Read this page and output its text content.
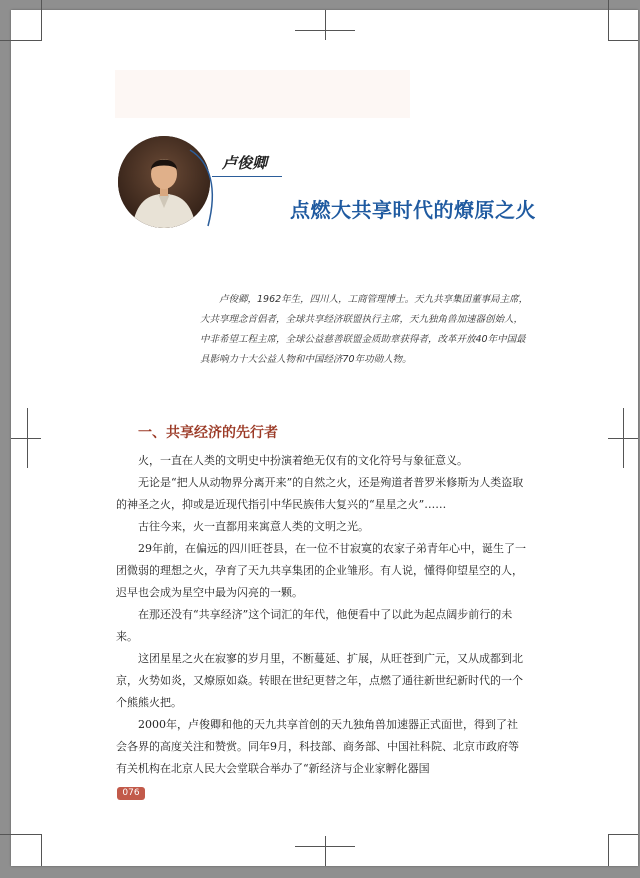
卢俊卿
点燃大共享时代的燎原之火
卢俊卿，1962年生，四川人，工商管理博士。天九共享集团董事局主席，大共享理念首倡者，全球共享经济联盟执行主席，天九独角兽加速器创始人，中非希望工程主席，全球公益慈善联盟金质助章获得者，改革开放40年中国最具影响力十大公益人物和中国经济70年功勋人物。
一、共享经济的先行者

火，一直在人类的文明史中扮演着绝无仅有的文化符号与象征意义。

无论是“把人从动物界分离开来”的自然之火，还是殉道者普罗米修斯为人类盗取的神圣之火，抑或是近现代指引中华民族伟大复兴的“星星之火”……

古往今来，火一直都用来寓意人类的文明之光。

29年前，在偏远的四川旺苍县，在一位不甘寂寞的农家子弟青年心中，诞生了一团微弱的理想之火，孕育了天九共享集团的企业雏形。有人说，懂得仰望星空的人，迟早也会成为星空中最为闪亮的一颗。

在那还没有“共享经济”这个词汇的年代，他便看中了以此为起点阔步前行的未来。

这团星星之火在寂寥的岁月里，不断蔓延、扩展，从旺苍到广元，又从成都到北京，火势如炎，又燎原如焱。转眼在世纪更替之年，点燃了通往新世纪新时代的一个个熊熊火把。

2000年，卢俊卿和他的天九共享首创的天九独角兽加速器正式面世，得到了社会各界的高度关注和赞赏。同年9月，科技部、商务部、中国社科院、北京市政府等有关机构在北京人民大会堂联合举办了“新经济与企业家孵化器国

076
